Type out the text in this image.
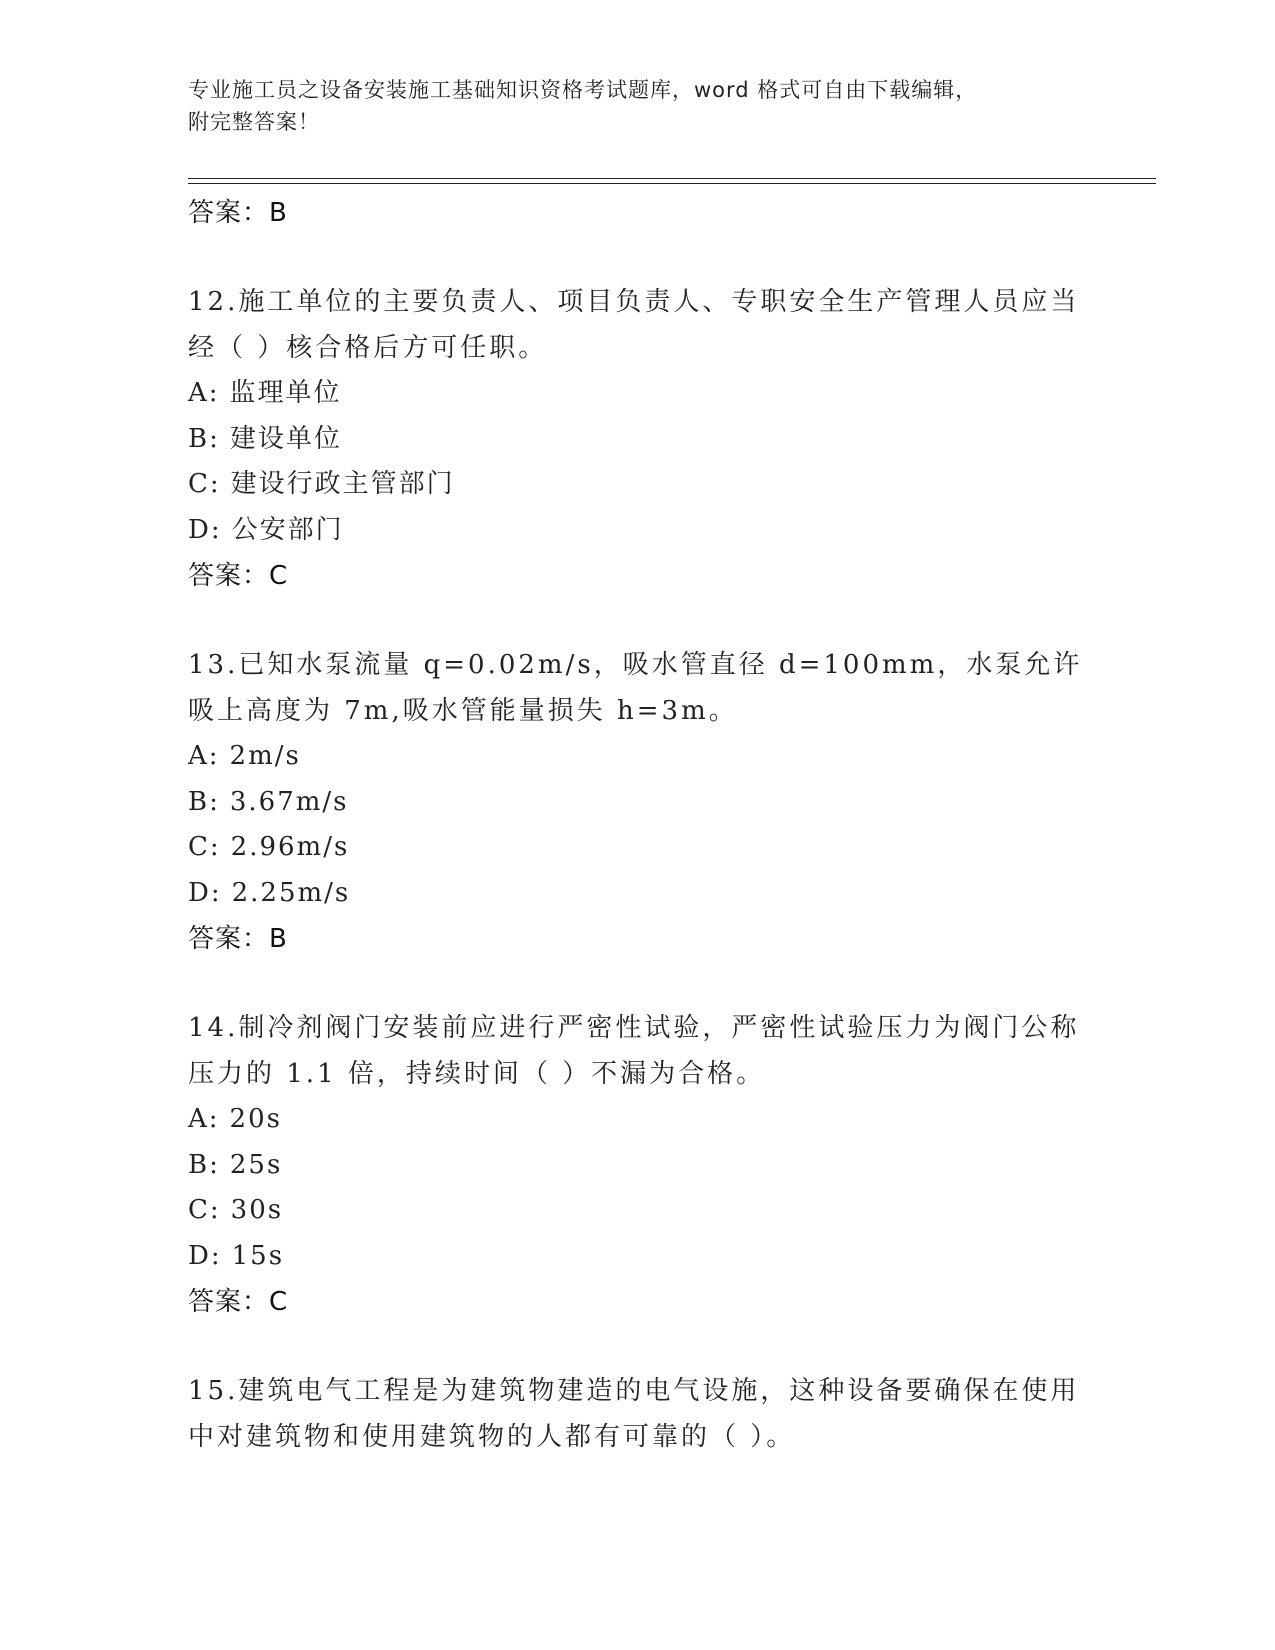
专业施工员之设备安装施工基础知识资格考试题库，word 格式可自由下载编辑，
附完整答案！
答案：B
12.施工单位的主要负责人、项目负责人、专职安全生产管理人员应当经（ ）核合格后方可任职。
A: 监理单位
B: 建设单位
C: 建设行政主管部门
D: 公安部门
答案：C
13.已知水泵流量 q=0.02m/s，吸水管直径 d=100mm，水泵允许吸上高度为 7m,吸水管能量损失 h=3m。
A: 2m/s
B: 3.67m/s
C: 2.96m/s
D: 2.25m/s
答案：B
14.制冷剂阀门安装前应进行严密性试验，严密性试验压力为阀门公称压力的 1.1 倍，持续时间（ ）不漏为合格。
A: 20s
B: 25s
C: 30s
D: 15s
答案：C
15.建筑电气工程是为建筑物建造的电气设施，这种设备要确保在使用中对建筑物和使用建筑物的人都有可靠的（ ）。
